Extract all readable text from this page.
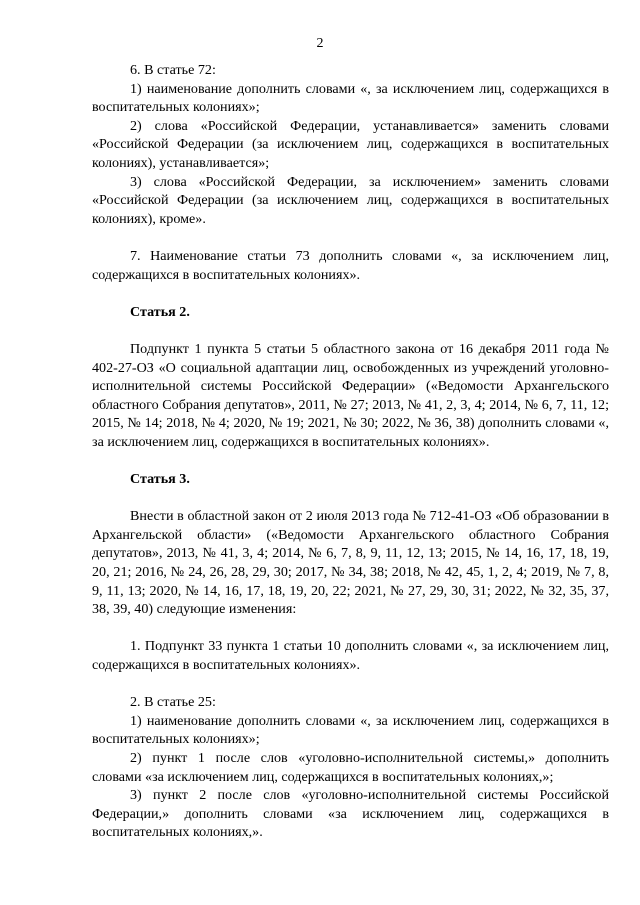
2

6. В статье 72:

1) наименование дополнить словами «, за исключением лиц, содержащихся в воспитательных колониях»;

2) слова «Российской Федерации, устанавливается» заменить словами «Российской Федерации (за исключением лиц, содержащихся в воспитательных колониях), устанавливается»;

3) слова «Российской Федерации, за исключением» заменить словами «Российской Федерации (за исключением лиц, содержащихся в воспитательных колониях), кроме».

7. Наименование статьи 73 дополнить словами «, за исключением лиц, содержащихся в воспитательных колониях».

Статья 2.

Подпункт 1 пункта 5 статьи 5 областного закона от 16 декабря 2011 года № 402-27-ОЗ «О социальной адаптации лиц, освобожденных из учреждений уголовно-исполнительной системы Российской Федерации» («Ведомости Архангельского областного Собрания депутатов», 2011, № 27; 2013, № 41, 2, 3, 4; 2014, № 6, 7, 11, 12; 2015, № 14; 2018, № 4; 2020, № 19; 2021, № 30; 2022, № 36, 38) дополнить словами «, за исключением лиц, содержащихся в воспитательных колониях».

Статья 3.

Внести в областной закон от 2 июля 2013 года № 712-41-ОЗ «Об образовании в Архангельской области» («Ведомости Архангельского областного Собрания депутатов», 2013, № 41, 3, 4; 2014, № 6, 7, 8, 9, 11, 12, 13; 2015, № 14, 16, 17, 18, 19, 20, 21; 2016, № 24, 26, 28, 29, 30; 2017, № 34, 38; 2018, № 42, 45, 1, 2, 4; 2019, № 7, 8, 9, 11, 13; 2020, № 14, 16, 17, 18, 19, 20, 22; 2021, № 27, 29, 30, 31; 2022, № 32, 35, 37, 38, 39, 40) следующие изменения:

1. Подпункт 33 пункта 1 статьи 10 дополнить словами «, за исключением лиц, содержащихся в воспитательных колониях».

2. В статье 25:

1) наименование дополнить словами «, за исключением лиц, содержащихся в воспитательных колониях»;

2) пункт 1 после слов «уголовно-исполнительной системы,» дополнить словами «за исключением лиц, содержащихся в воспитательных колониях,»;

3) пункт 2 после слов «уголовно-исполнительной системы Российской Федерации,» дополнить словами «за исключением лиц, содержащихся в воспитательных колониях,».
